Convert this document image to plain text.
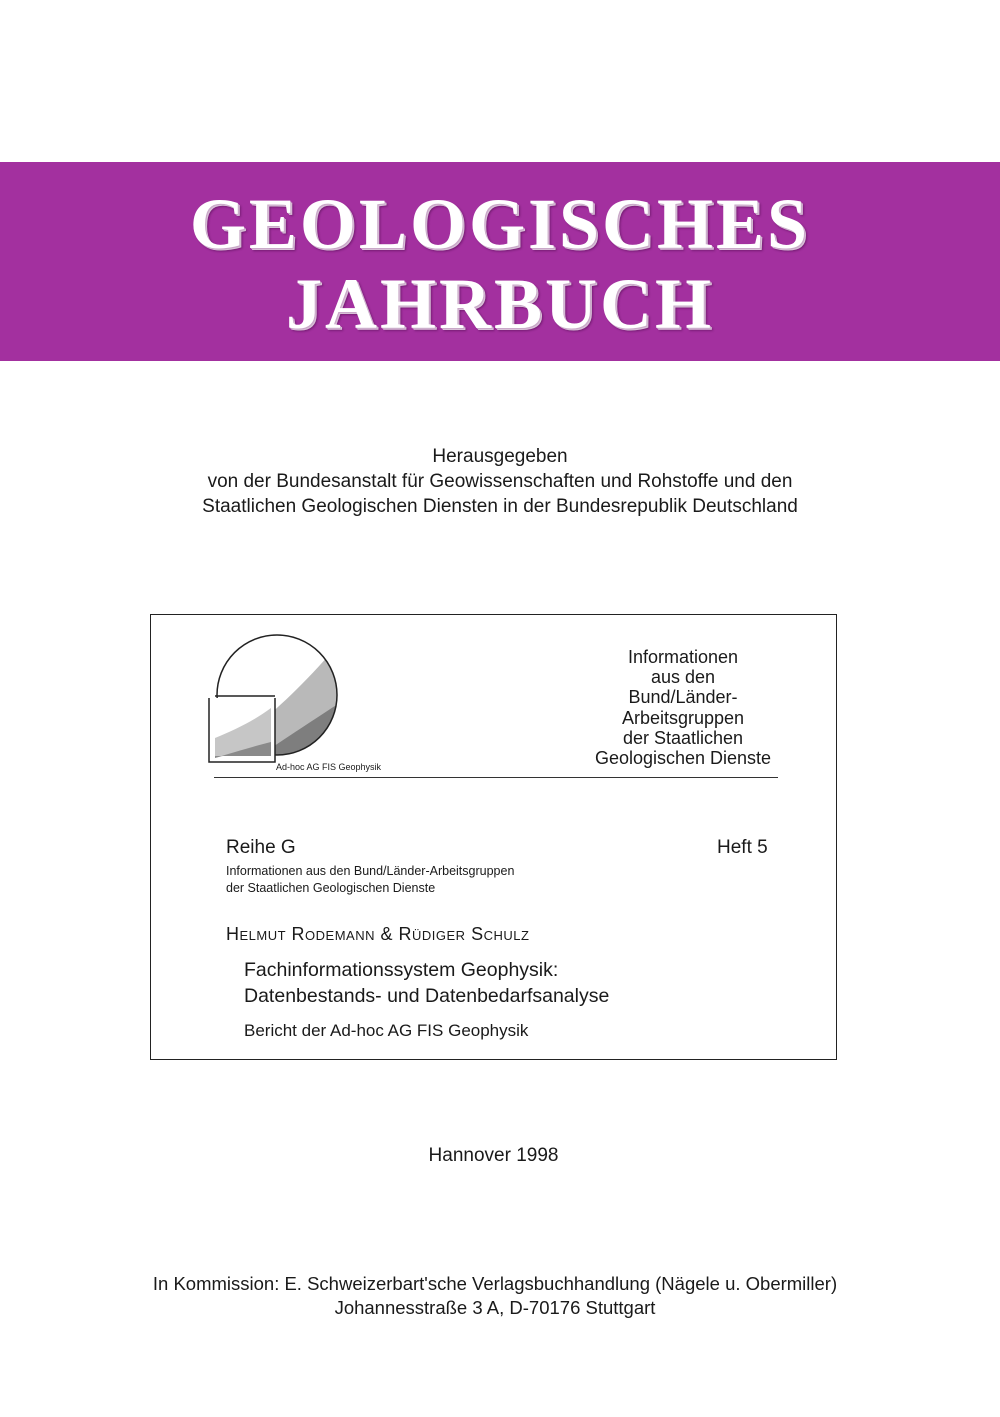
GEOLOGISCHES
JAHRBUCH
Herausgegeben
von der Bundesanstalt für Geowissenschaften und Rohstoffe und den
Staatlichen Geologischen Diensten in der Bundesrepublik Deutschland
Ad-hoc AG FIS Geophysik
Informationen
aus den
Bund/Länder-
Arbeitsgruppen
der Staatlichen
Geologischen Dienste
Reihe G	Heft 5
Informationen aus den Bund/Länder-Arbeitsgruppen
der Staatlichen Geologischen Dienste
Helmut Rodemann & Rüdiger Schulz
Fachinformationssystem Geophysik:
Datenbestands- und Datenbedarfsanalyse
Bericht der Ad-hoc AG FIS Geophysik
Hannover 1998
In Kommission: E. Schweizerbart'sche Verlagsbuchhandlung (Nägele u. Obermiller)
Johannesstraße 3 A, D-70176 Stuttgart
